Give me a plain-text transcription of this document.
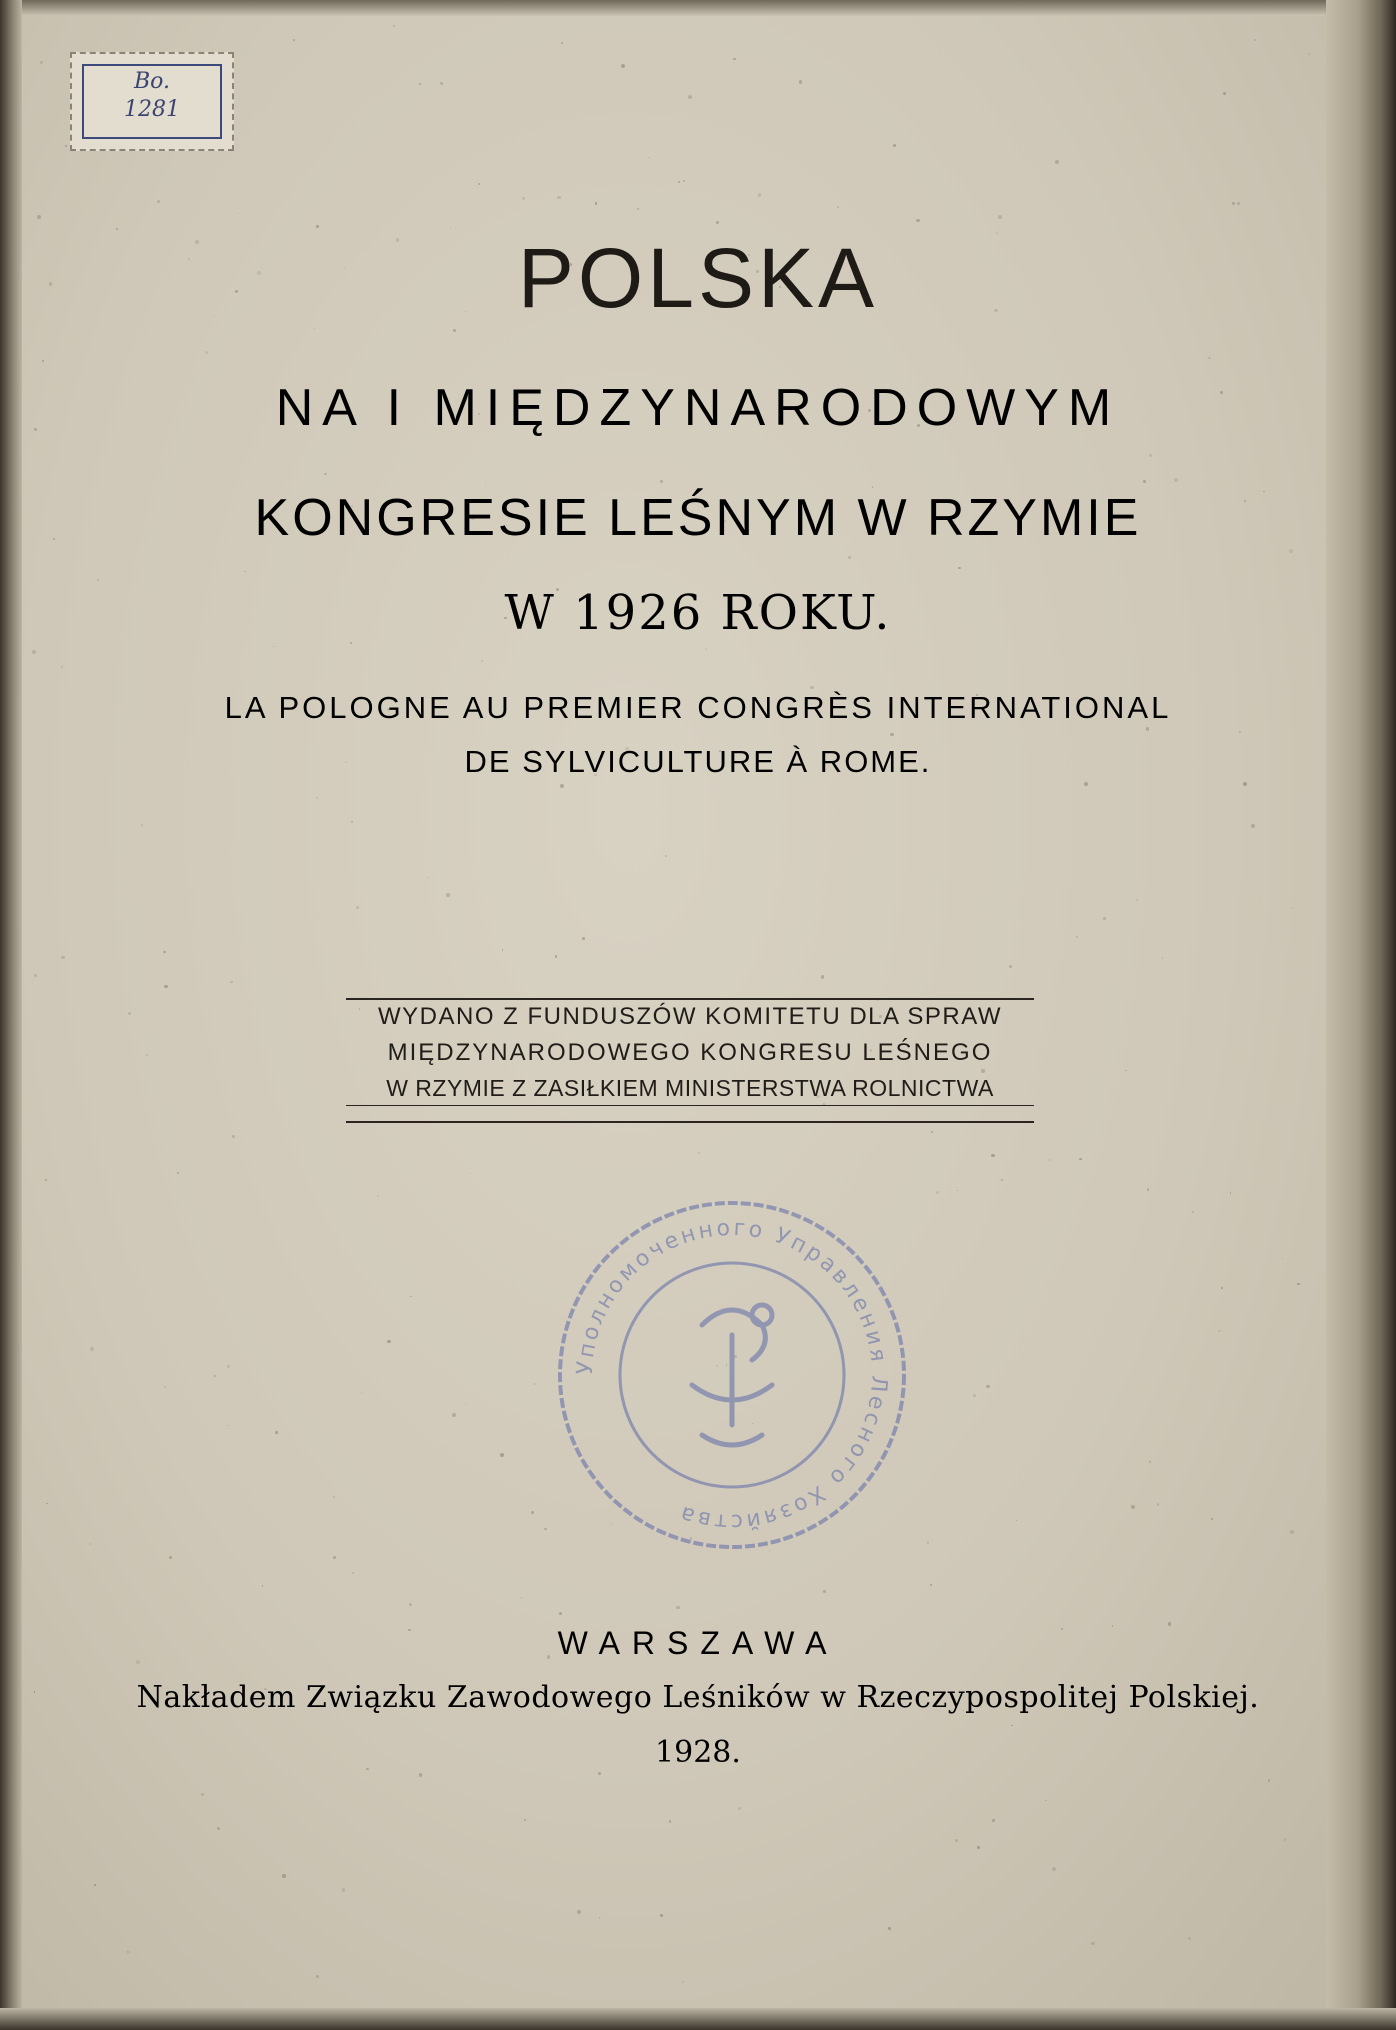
Bo.
1281

POLSKA

NA I MIĘDZYNARODOWYM

KONGRESIE LEŚNYM W RZYMIE

W 1926 ROKU.

LA POLOGNE AU PREMIER CONGRÈS INTERNATIONAL

DE SYLVICULTURE À ROME.

WYDANO Z FUNDUSZÓW KOMITETU DLA SPRAW
MIĘDZYNARODOWEGO KONGRESU LEŚNEGO
W RZYMIE Z ZASIŁKIEM MINISTERSTWA ROLNICTWA
Уполномоченного Управления Лесного Хозяйства

WARSZAWA

Nakładem Związku Zawodowego Leśników w Rzeczypospolitej Polskiej.

1928.
